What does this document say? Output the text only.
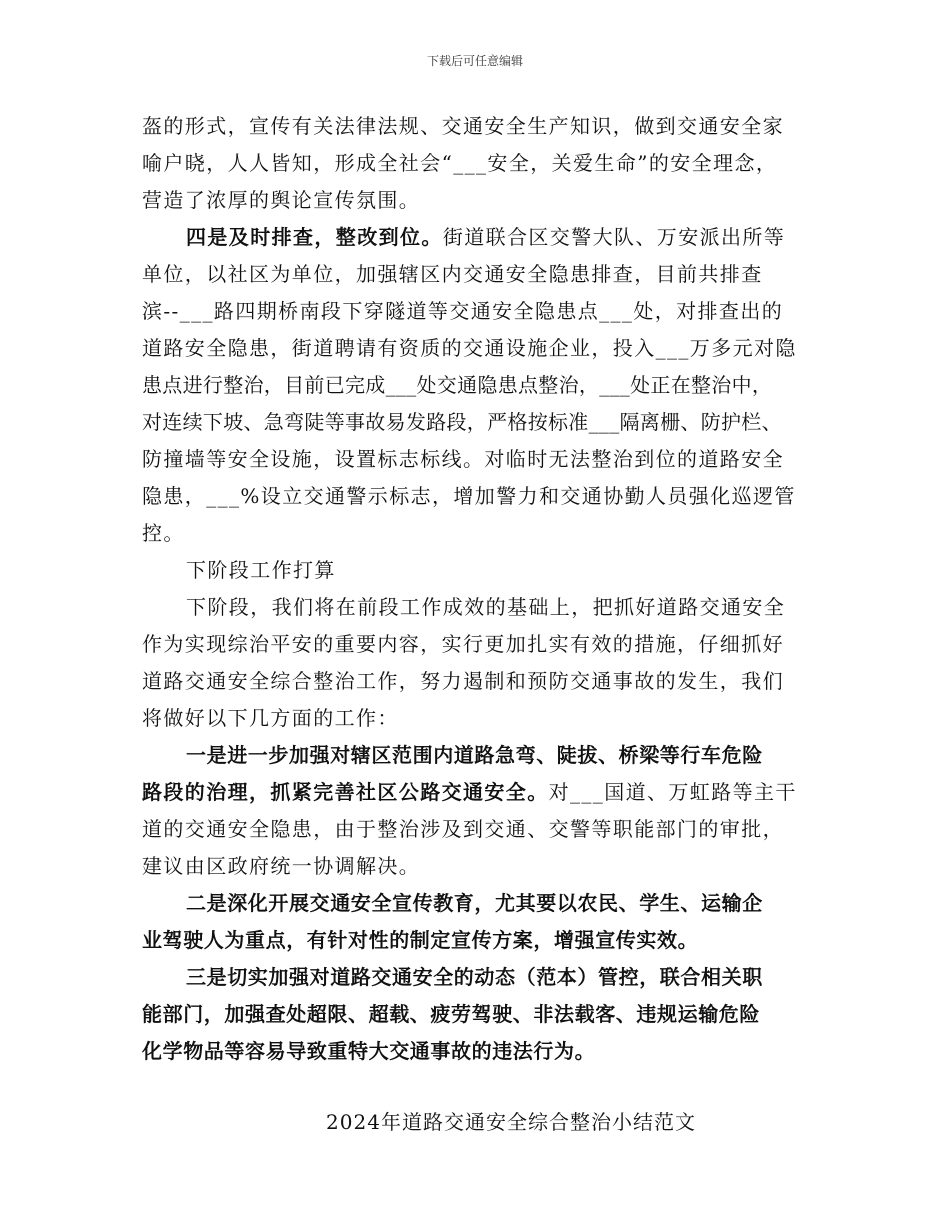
下载后可任意编辑
盔的形式，宣传有关法律法规、交通安全生产知识，做到交通安全家
喻户晓，人人皆知，形成全社会“___安全，关爱生命”的安全理念，
营造了浓厚的舆论宣传氛围。
四是及时排查，整改到位。街道联合区交警大队、万安派出所等
单位，以社区为单位，加强辖区内交通安全隐患排查，目前共排查
滨--___路四期桥南段下穿隧道等交通安全隐患点___处，对排查出的
道路安全隐患，街道聘请有资质的交通设施企业，投入___万多元对隐
患点进行整治，目前已完成___处交通隐患点整治，___处正在整治中，
对连续下坡、急弯陡等事故易发路段，严格按标准___隔离栅、防护栏、
防撞墙等安全设施，设置标志标线。对临时无法整治到位的道路安全
隐患，___%设立交通警示标志，增加警力和交通协勤人员强化巡逻管
控。
下阶段工作打算
下阶段，我们将在前段工作成效的基础上，把抓好道路交通安全
作为实现综治平安的重要内容，实行更加扎实有效的措施，仔细抓好
道路交通安全综合整治工作，努力遏制和预防交通事故的发生，我们
将做好以下几方面的工作：
一是进一步加强对辖区范围内道路急弯、陡拔、桥梁等行车危险
路段的治理，抓紧完善社区公路交通安全。对___国道、万虹路等主干
道的交通安全隐患，由于整治涉及到交通、交警等职能部门的审批，
建议由区政府统一协调解决。
二是深化开展交通安全宣传教育，尤其要以农民、学生、运输企
业驾驶人为重点，有针对性的制定宣传方案，增强宣传实效。
三是切实加强对道路交通安全的动态（范本）管控，联合相关职
能部门，加强查处超限、超载、疲劳驾驶、非法载客、违规运输危险
化学物品等容易导致重特大交通事故的违法行为。
2024年道路交通安全综合整治小结范文
